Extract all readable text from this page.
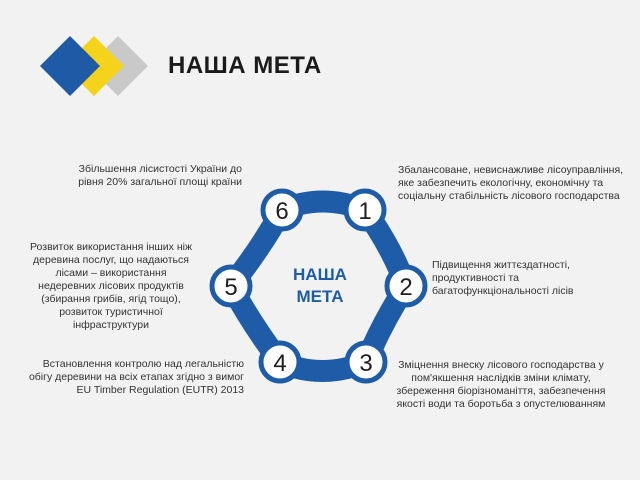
НАША МЕТА
1
2
3
4
5
6
НАША
МЕТА
Збільшення лісистості України до рівня 20% загальної площі країни
Розвиток використання інших ніж деревина послуг, що надаються лісами – використання недеревних лісових продуктів (збирання грибів, ягід тощо), розвиток туристичної інфраструктури
Встановлення контролю над легальністю обігу деревини на всіх етапах згідно з вимог EU Timber Regulation (EUTR) 2013
Збалансоване, невиснажливе лісоуправління, яке забезпечить екологічну, економічну та соціальну стабільність лісового господарства
Підвищення життєздатності, продуктивності та багатофункціональності лісів
Зміцнення внеску лісового господарства у пом'якшення наслідків зміни клімату, збереження біорізноманіття, забезпечення якості води та боротьба з опустелюванням
